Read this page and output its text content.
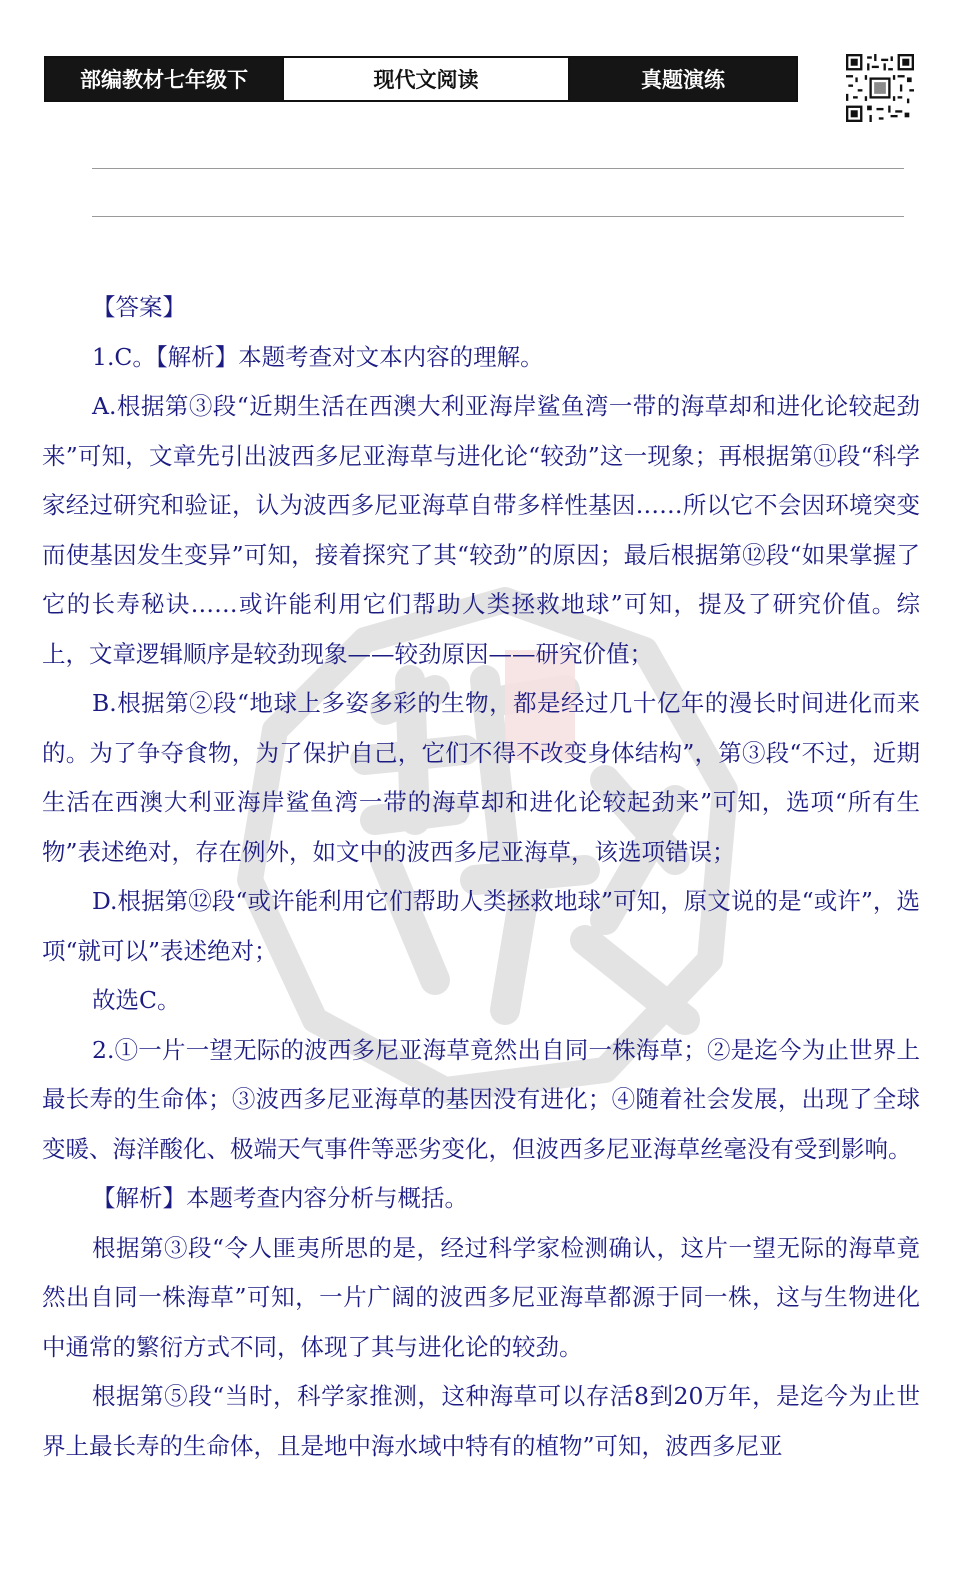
部编教材七年级下	现代文阅读	真题演练

【答案】

1.C。【解析】本题考查对文本内容的理解。

A.根据第③段“近期生活在西澳大利亚海岸鲨鱼湾一带的海草却和进化论较起劲来”可知，文章先引出波西多尼亚海草与进化论“较劲”这一现象；再根据第⑪段“科学家经过研究和验证，认为波西多尼亚海草自带多样性基因……所以它不会因环境突变而使基因发生变异”可知，接着探究了其“较劲”的原因；最后根据第⑫段“如果掌握了它的长寿秘诀……或许能利用它们帮助人类拯救地球”可知，提及了研究价值。综上，文章逻辑顺序是较劲现象——较劲原因——研究价值；

B.根据第②段“地球上多姿多彩的生物，都是经过几十亿年的漫长时间进化而来的。为了争夺食物，为了保护自己，它们不得不改变身体结构”，第③段“不过，近期生活在西澳大利亚海岸鲨鱼湾一带的海草却和进化论较起劲来”可知，选项“所有生物”表述绝对，存在例外，如文中的波西多尼亚海草，该选项错误；

D.根据第⑫段“或许能利用它们帮助人类拯救地球”可知，原文说的是“或许”，选项“就可以”表述绝对；

故选C。

2.①一片一望无际的波西多尼亚海草竟然出自同一株海草；②是迄今为止世界上最长寿的生命体；③波西多尼亚海草的基因没有进化；④随着社会发展，出现了全球变暖、海洋酸化、极端天气事件等恶劣变化，但波西多尼亚海草丝毫没有受到影响。

【解析】本题考查内容分析与概括。

根据第③段“令人匪夷所思的是，经过科学家检测确认，这片一望无际的海草竟然出自同一株海草”可知，一片广阔的波西多尼亚海草都源于同一株，这与生物进化中通常的繁衍方式不同，体现了其与进化论的较劲。

根据第⑤段“当时，科学家推测，这种海草可以存活8到20万年，是迄今为止世界上最长寿的生命体，且是地中海水域中特有的植物”可知，波西多尼亚
